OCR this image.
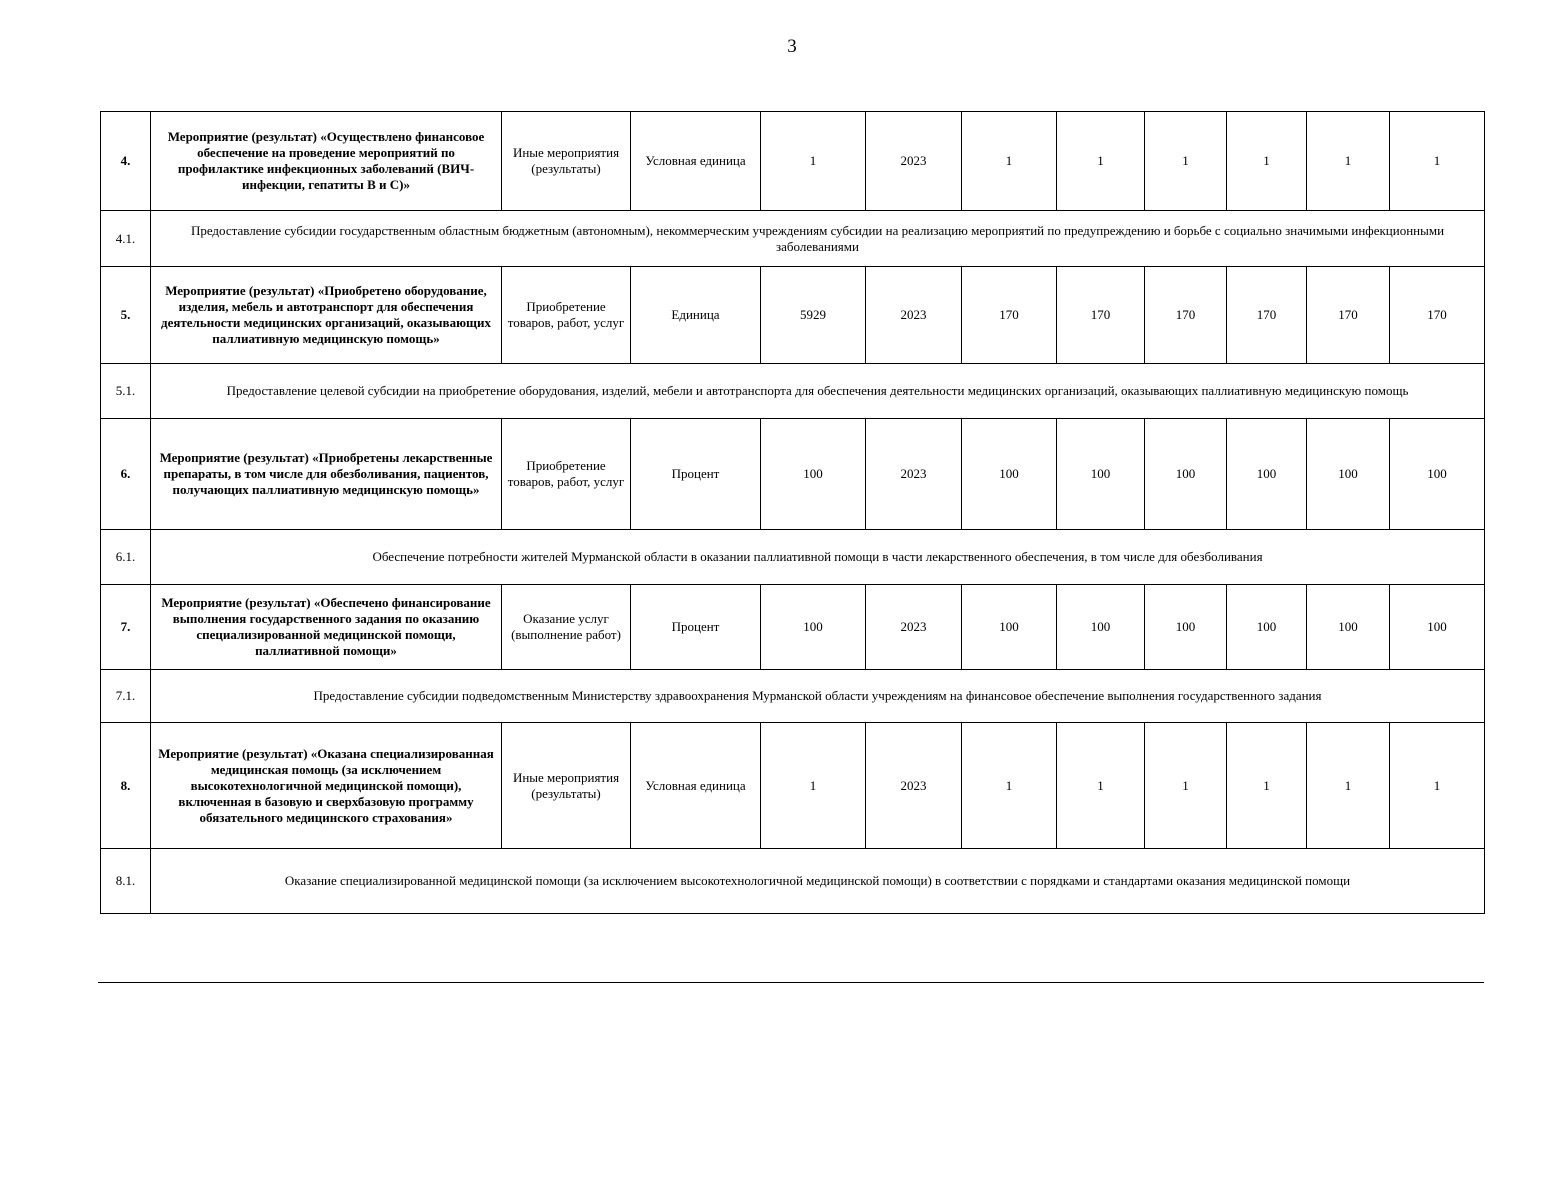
3
4.	Мероприятие (результат) «Осуществлено финансовое обеспечение на проведение мероприятий по профилактике инфекционных заболеваний (ВИЧ-инфекции, гепатиты В и С)»	Иные мероприятия (результаты)	Условная единица	1	2023	1	1	1	1	1	1
4.1.	Предоставление субсидии государственным областным бюджетным (автономным), некоммерческим учреждениям субсидии на реализацию мероприятий по предупреждению и борьбе с социально значимыми инфекционными заболеваниями										
5.	Мероприятие (результат) «Приобретено оборудование, изделия, мебель и автотранспорт для обеспечения деятельности медицинских организаций, оказывающих паллиативную медицинскую помощь»	Приобретение товаров, работ, услуг	Единица	5929	2023	170	170	170	170	170	170
5.1.	Предоставление целевой субсидии на приобретение оборудования, изделий, мебели и автотранспорта для обеспечения деятельности медицинских организаций, оказывающих паллиативную медицинскую помощь										
6.	Мероприятие (результат) «Приобретены лекарственные препараты, в том числе для обезболивания, пациентов, получающих паллиативную медицинскую помощь»	Приобретение товаров, работ, услуг	Процент	100	2023	100	100	100	100	100	100
6.1.	Обеспечение потребности жителей Мурманской области в оказании паллиативной помощи в части лекарственного обеспечения, в том числе для обезболивания										
7.	Мероприятие (результат) «Обеспечено финансирование выполнения государственного задания по оказанию специализированной медицинской помощи, паллиативной помощи»	Оказание услуг (выполнение работ)	Процент	100	2023	100	100	100	100	100	100
7.1.	Предоставление субсидии подведомственным Министерству здравоохранения Мурманской области учреждениям на финансовое обеспечение выполнения государственного задания										
8.	Мероприятие (результат) «Оказана специализированная медицинская помощь (за исключением высокотехнологичной медицинской помощи), включенная в базовую и сверхбазовую программу обязательного медицинского страхования»	Иные мероприятия (результаты)	Условная единица	1	2023	1	1	1	1	1	1
8.1.	Оказание специализированной медицинской помощи (за исключением высокотехнологичной медицинской помощи) в соответствии с порядками и стандартами оказания медицинской помощи										
